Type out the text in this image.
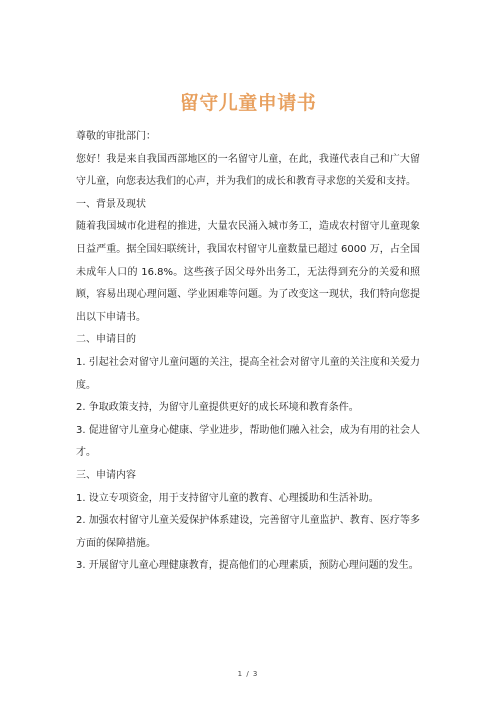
留守儿童申请书

尊敬的审批部门：

您好！我是来自我国西部地区的一名留守儿童，在此，我谨代表自己和广大留守儿童，向您表达我们的心声，并为我们的成长和教育寻求您的关爱和支持。

一、背景及现状

随着我国城市化进程的推进，大量农民涌入城市务工，造成农村留守儿童现象日益严重。据全国妇联统计，我国农村留守儿童数量已超过 6000 万，占全国未成年人口的 16.8%。这些孩子因父母外出务工，无法得到充分的关爱和照顾，容易出现心理问题、学业困难等问题。为了改变这一现状，我们特向您提出以下申请书。

二、申请目的

1. 引起社会对留守儿童问题的关注，提高全社会对留守儿童的关注度和关爱力度。

2. 争取政策支持，为留守儿童提供更好的成长环境和教育条件。

3. 促进留守儿童身心健康、学业进步，帮助他们融入社会，成为有用的社会人才。

三、申请内容

1. 设立专项资金，用于支持留守儿童的教育、心理援助和生活补助。

2. 加强农村留守儿童关爱保护体系建设，完善留守儿童监护、教育、医疗等多方面的保障措施。

3. 开展留守儿童心理健康教育，提高他们的心理素质，预防心理问题的发生。

1 / 3
